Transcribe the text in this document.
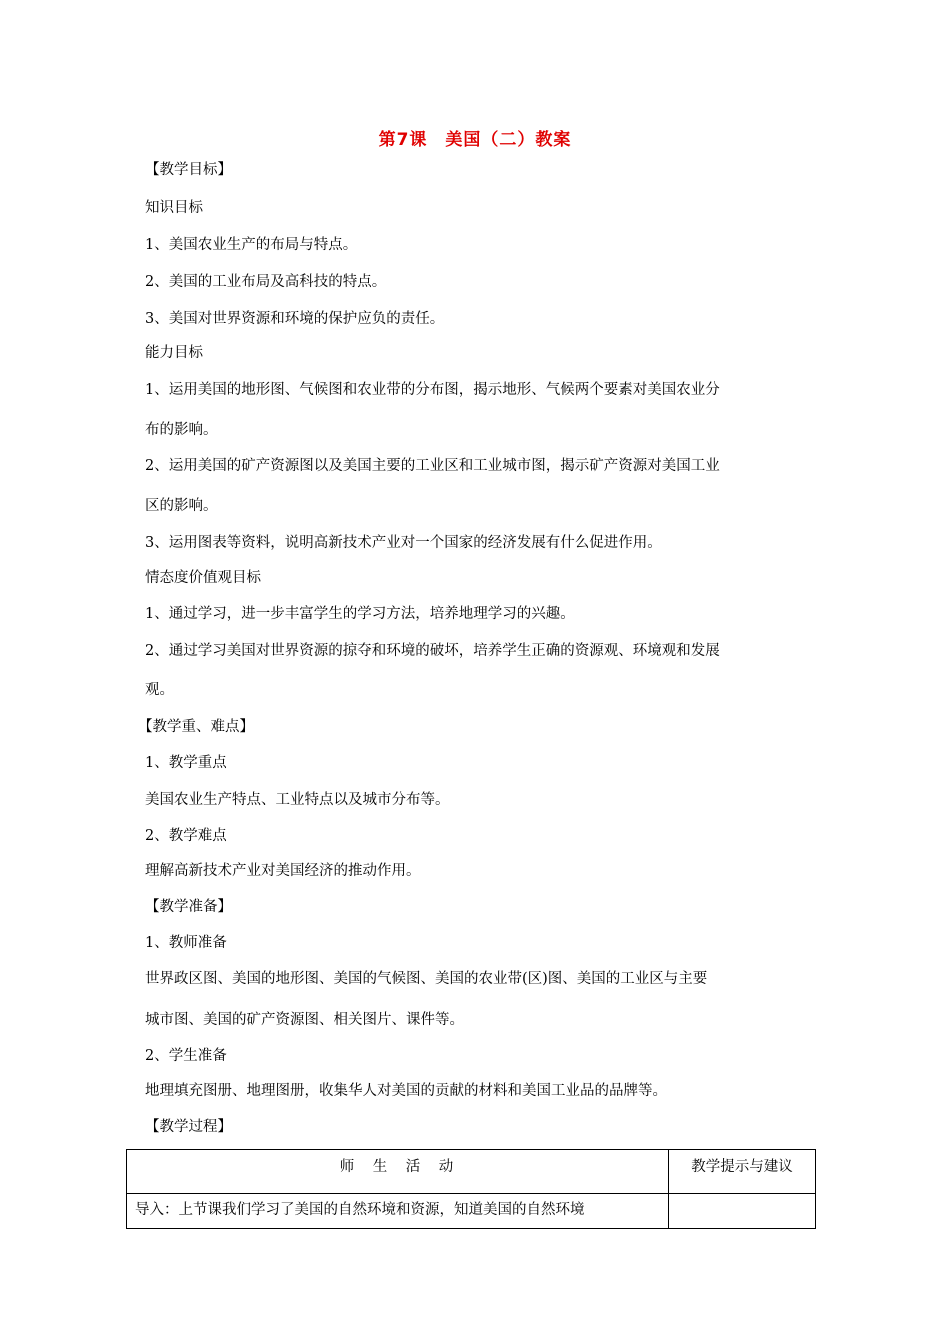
第7课　美国（二）教案
【教学目标】
知识目标
1、美国农业生产的布局与特点。
2、美国的工业布局及高科技的特点。
3、美国对世界资源和环境的保护应负的责任。
能力目标
1、运用美国的地形图、气候图和农业带的分布图，揭示地形、气候两个要素对美国农业分
布的影响。
2、运用美国的矿产资源图以及美国主要的工业区和工业城市图，揭示矿产资源对美国工业
区的影响。
3、运用图表等资料，说明高新技术产业对一个国家的经济发展有什么促进作用。
情态度价值观目标
1、通过学习，进一步丰富学生的学习方法，培养地理学习的兴趣。
2、通过学习美国对世界资源的掠夺和环境的破坏，培养学生正确的资源观、环境观和发展
观。
【教学重、难点】
1、教学重点
美国农业生产特点、工业特点以及城市分布等。
2、教学难点
理解高新技术产业对美国经济的推动作用。
【教学准备】
1、教师准备
世界政区图、美国的地形图、美国的气候图、美国的农业带(区)图、美国的工业区与主要
城市图、美国的矿产资源图、相关图片、课件等。
2、学生准备
地理填充图册、地理图册，收集华人对美国的贡献的材料和美国工业品的品牌等。
【教学过程】
师　生　活　动	教学提示与建议
导入：上节课我们学习了美国的自然环境和资源，知道美国的自然环境	
